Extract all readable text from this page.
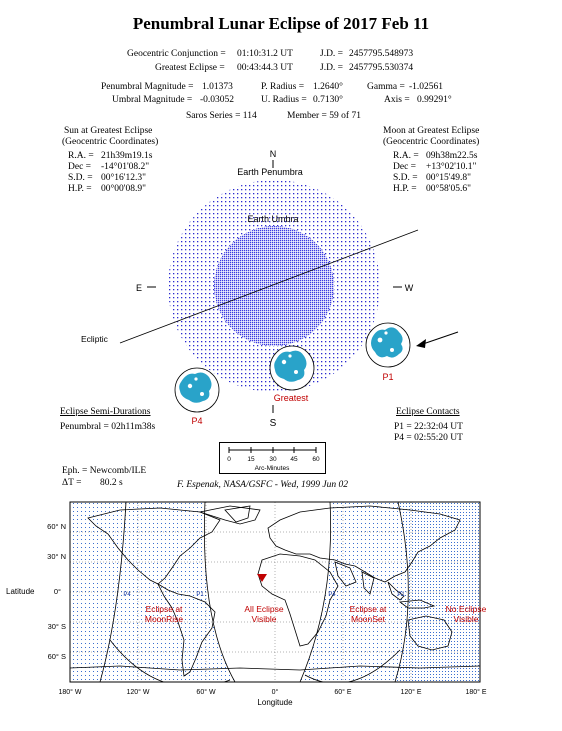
Penumbral Lunar Eclipse of 2017 Feb 11
Geocentric Conjunction = 01:10:31.2 UT	J.D. = 2457795.548973
Greatest Eclipse = 00:43:44.3 UT	J.D. = 2457795.530374
Penumbral Magnitude = 1.01373	P. Radius = 1.2640°	Gamma = -1.02561
Umbral Magnitude = -0.03052	U. Radius = 0.7130°	Axis = 0.99291°
Saros Series = 114	Member = 59 of 71
Sun at Greatest Eclipse
(Geocentric Coordinates)
R.A. = 21h39m19.1s
Dec = -14°01'08.2"
S.D. = 00°16'12.3"
H.P. = 00°00'08.9"
Moon at Greatest Eclipse
(Geocentric Coordinates)
R.A. = 09h38m22.5s
Dec = +13°02'10.1"
S.D. = 00°15'49.8"
H.P. = 00°58'05.6"
N
Earth Penumbra
Earth Umbra
E	W
Ecliptic
S
P1
Greatest
P4
Eclipse Semi-Durations
Penumbral = 02h11m38s
Eclipse Contacts
P1 = 22:32:04 UT
P4 = 02:55:20 UT
0	15 30 45 60
Arc-Minutes
Eph. = Newcomb/ILE
ΔT = 80.2 s	F. Espenak, NASA/GSFC - Wed, 1999 Jun 02
60° N
30° N
0°
30° S
60° S
Latitude
180° W	120° W	60° W	0°	60° E	120° E	180° E
Longitude
Eclipse at
MoonRise
All Eclipse
Visible
Eclipse at
MoonSet
No Eclipse
Visible
P4	P1	P4	P1
